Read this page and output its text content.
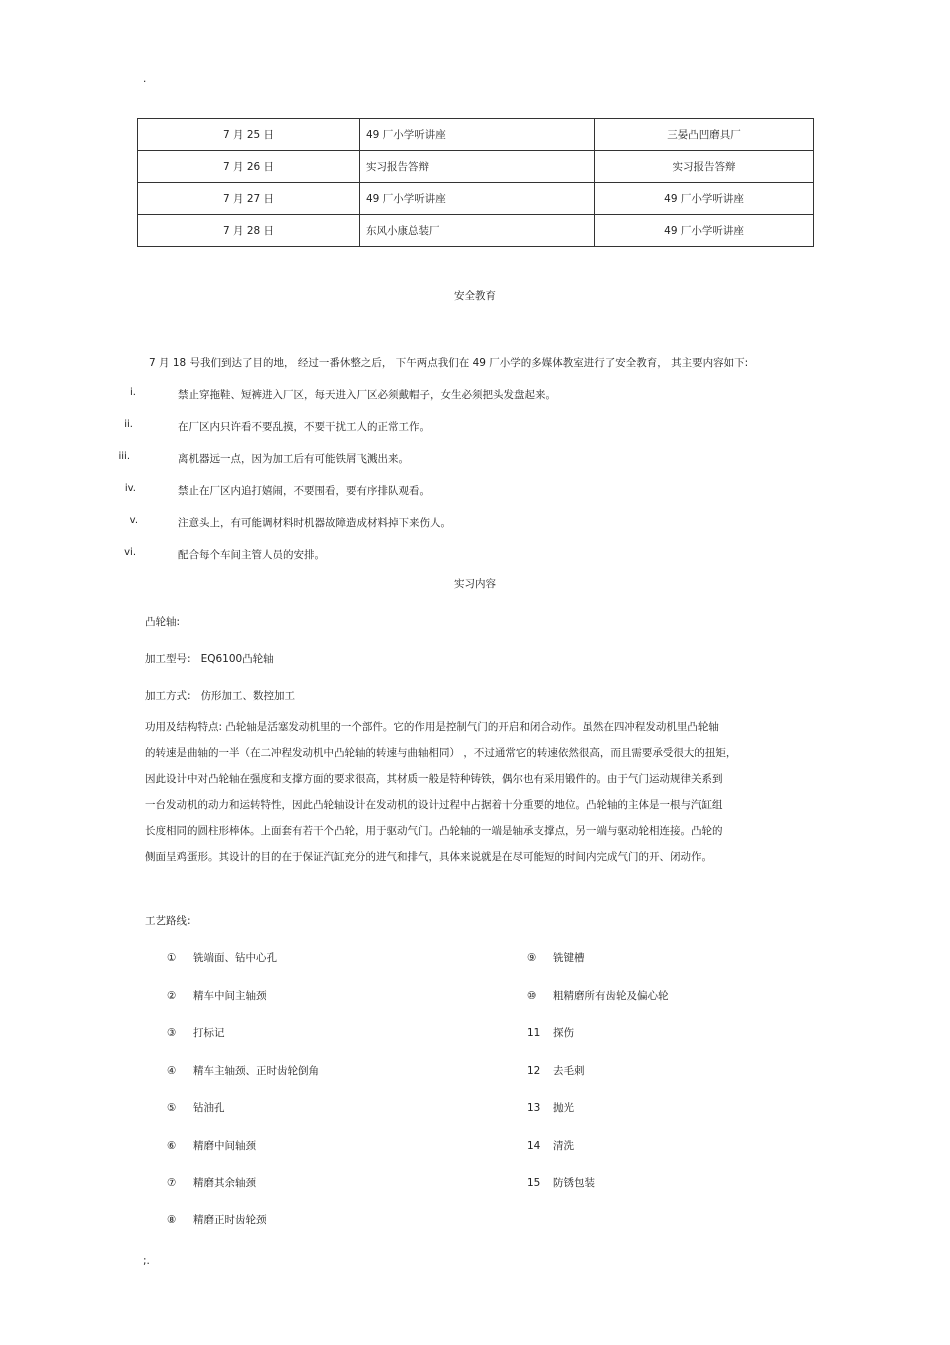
·
7 月 25 日	49 厂小学听讲座	三晏凸凹磨具厂
7 月 26 日	实习报告答辩	实习报告答辩
7 月 27 日	49 厂小学听讲座	49 厂小学听讲座
7 月 28 日	东风小康总装厂	49 厂小学听讲座
安全教育
7 月 18 号我们到达了目的地， 经过一番休整之后， 下午两点我们在 49 厂小学的多媒体教室进行了安全教育， 其主要内容如下:
i.	禁止穿拖鞋、短裤进入厂区，每天进入厂区必须戴帽子，女生必须把头发盘起来。
ii.	在厂区内只许看不要乱摸，不要干扰工人的正常工作。
iii.	离机器远一点，因为加工后有可能铁屑飞溅出来。
iv.	禁止在厂区内追打嬉闹，不要围看，要有序排队观看。
v.	注意头上，有可能调材料时机器故障造成材料掉下来伤人。
vi.	配合每个车间主管人员的安排。
实习内容
凸轮轴:
加工型号: EQ6100凸轮轴
加工方式: 仿形加工、数控加工

功用及结构特点: 凸轮轴是活塞发动机里的一个部件。它的作用是控制气门的开启和闭合动作。虽然在四冲程发动机里凸轮轴

的转速是曲轴的一半（在二冲程发动机中凸轮轴的转速与曲轴相同） ，不过通常它的转速依然很高，而且需要承受很大的扭矩，

因此设计中对凸轮轴在强度和支撑方面的要求很高，其材质一般是特种铸铁，偶尔也有采用锻件的。由于气门运动规律关系到

一台发动机的动力和运转特性，因此凸轮轴设计在发动机的设计过程中占据着十分重要的地位。凸轮轴的主体是一根与汽缸组

长度相同的圆柱形棒体。上面套有若干个凸轮，用于驱动气门。凸轮轴的一端是轴承支撑点，另一端与驱动轮相连接。凸轮的

侧面呈鸡蛋形。其设计的目的在于保证汽缸充分的进气和排气，具体来说就是在尽可能短的时间内完成气门的开、闭动作。

工艺路线:
① 铣端面、钻中心孔
② 精车中间主轴颈
③ 打标记
④ 精车主轴颈、正时齿轮倒角
⑤ 钻油孔
⑥ 精磨中间轴颈
⑦ 精磨其余轴颈
⑧ 精磨正时齿轮颈
⑨ 铣键槽
⑩ 粗精磨所有齿轮及偏心轮
11 探伤
12 去毛刺
13 抛光
14 清洗
15 防锈包装
;.
